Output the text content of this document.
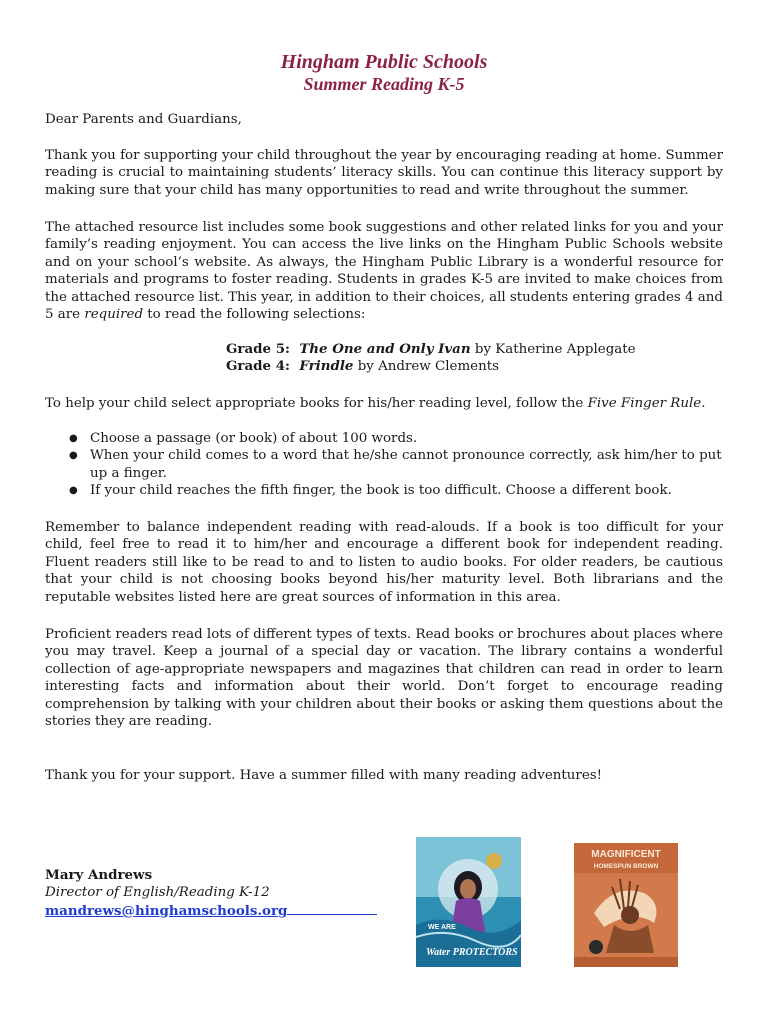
Hingham Public Schools
Summer Reading K-5

Dear Parents and Guardians,

Thank you for supporting your child throughout the year by encouraging reading at home. Summer reading is crucial to maintaining students’ literacy skills. You can continue this literacy support by making sure that your child has many opportunities to read and write throughout the summer.

The attached resource list includes some book suggestions and other related links for you and your family’s reading enjoyment. You can access the live links on the Hingham Public Schools website and on your school’s website. As always, the Hingham Public Library is a wonderful resource for materials and programs to foster reading. Students in grades K-5 are invited to make choices from the attached resource list. This year, in addition to their choices, all students entering grades 4 and 5 are required to read the following selections:

Grade 5:  The One and Only Ivan by Katherine Applegate
Grade 4:  Frindle by Andrew Clements

To help your child select appropriate books for his/her reading level, follow the Five Finger Rule.

● Choose a passage (or book) of about 100 words.
● When your child comes to a word that he/she cannot pronounce correctly, ask him/her to put up a finger.
● If your child reaches the fifth finger, the book is too difficult. Choose a different book.

Remember to balance independent reading with read-alouds. If a book is too difficult for your child, feel free to read it to him/her and encourage a different book for independent reading. Fluent readers still like to be read to and to listen to audio books. For older readers, be cautious that your child is not choosing books beyond his/her maturity level. Both librarians and the reputable websites listed here are great sources of information in this area.

Proficient readers read lots of different types of texts. Read books or brochures about places where you may travel. Keep a journal of a special day or vacation. The library contains a wonderful collection of age-appropriate newspapers and magazines that children can read in order to learn interesting facts and information about their world. Don’t forget to encourage reading comprehension by talking with your children about their books or asking them questions about the stories they are reading.

Thank you for your support. Have a summer filled with many reading adventures!

Mary Andrews
Director of English/Reading K-12
mandrews@hinghamschools.org
WE ARE
Water PROTECTORS
MAGNIFICENT
HOMESPUN BROWN
